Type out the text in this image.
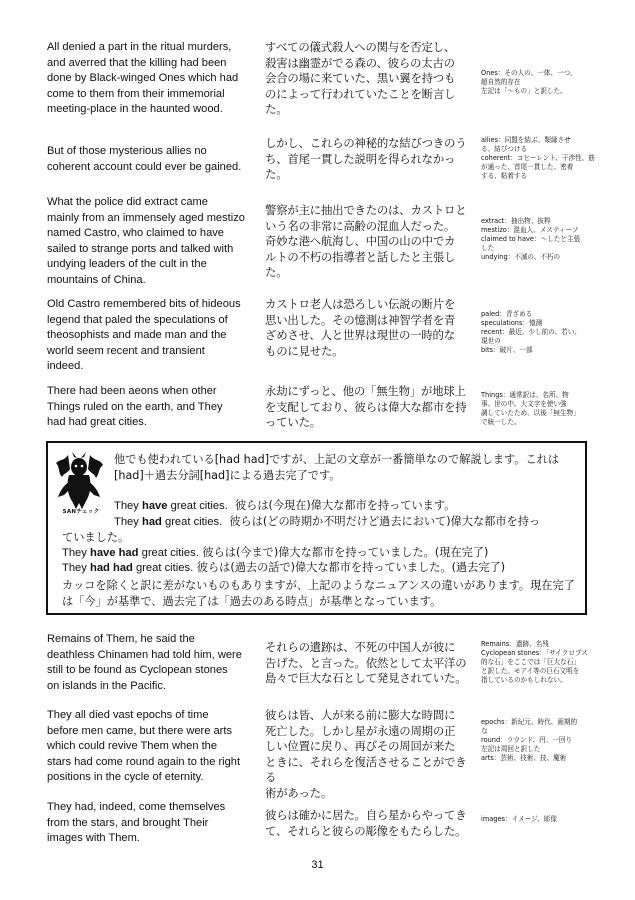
All denied a part in the ritual murders,
and averred that the killing had been
done by Black-winged Ones which had
come to them from their immemorial
meeting-place in the haunted wood.
すべての儀式殺人への関与を否定し、
殺害は幽霊がでる森の、彼らの太古の
会合の場に来ていた、黒い翼を持つも
のによって行われていたことを断言し
た。
Ones：その人の、一体、一つ、
超自然的存在
左記は「～もの」と訳した。
But of those mysterious allies no
coherent account could ever be gained.
しかし、これらの神秘的な結びつきのう
ち、首尾一貫した説明を得られなかっ
た。
allies：同盟を結ぶ、類縁させ
る、結びつける
coherent：コヒーレント、干渉性、筋
が通った、首尾一貫した、密着
する、粘着する
What the police did extract came
mainly from an immensely aged mestizo
named Castro, who claimed to have
sailed to strange ports and talked with
undying leaders of the cult in the
mountains of China.
警察が主に抽出できたのは、カストロと
いう名の非常に高齢の混血人だった。
奇妙な港へ航海し、中国の山の中でカ
ルトの不朽の指導者と話したと主張し
た。
extract：抽出物、抜粋
mestizo：混血人、メスティーソ
claimed to have：～したと主張
した
undying：不滅の、不朽の
Old Castro remembered bits of hideous
legend that paled the speculations of
theosophists and made man and the
world seem recent and transient
indeed.
カストロ老人は恐ろしい伝説の断片を
思い出した。その憶測は神智学者を青
ざめさせ、人と世界は現世の一時的な
ものに見せた。
paled：青ざめる
speculations：憶測
recent：最近、少し前の、若い、
現世の
bits：破片、一部
There had been aeons when other
Things ruled on the earth, and They
had had great cities.
永劫にずっと、他の「無生物」が地球上
を支配しており、彼らは偉大な都市を持
っていた。
Things：通常訳は、名所、物
事、世の中。大文字を使い強
調していたため、以後「無生物」
で統一した。
SANチェック
他でも使われている[had had]ですが、上記の文章が一番簡単なので解説します。これは [had]＋過去分詞[had]による過去完了です。
They have great cities. 彼らは(今現在)偉大な都市を持っています。
They had great cities. 彼らは(どの時期か不明だけど過去において)偉大な都市を持っ
ていました。
They have had great cities. 彼らは(今まで)偉大な都市を持っていました。(現在完了)
They had had great cities. 彼らは(過去の話で)偉大な都市を持っていました。(過去完了)
カッコを除くと訳に差がないものもありますが、上記のようなニュアンスの違いがあります。現在完了は「今」が基準で、過去完了は「過去のある時点」が基準となっています。
Remains of Them, he said the
deathless Chinamen had told him, were
still to be found as Cyclopean stones
on islands in the Pacific.
それらの遺跡は、不死の中国人が彼に
告げた、と言った。依然として太平洋の
島々で巨大な石として発見されていた。
Remains：遺跡、名残
Cyclopean stones：「サイクロプス
的な石」をここでは「巨大な石」
と訳した。モアイ等の巨石文明を
指しているのかもしれない。
They all died vast epochs of time
before men came, but there were arts
which could revive Them when the
stars had come round again to the right
positions in the cycle of eternity.
彼らは皆、人が来る前に膨大な時間に
死亡した。しかし星が永遠の周期の正
しい位置に戻り、再びその周回が来た
ときに、それらを復活させることができる
術があった。
epochs：新紀元、時代、画期的
な
round：ラウンド、円、一回り
左記は周回と訳した
arts：芸術、技術、技、魔術
They had, indeed, come themselves
from the stars, and brought Their
images with Them.
彼らは確かに居た。自ら星からやってき
て、それらと彼らの彫像をもたらした。
images：イメージ、彫像
31
